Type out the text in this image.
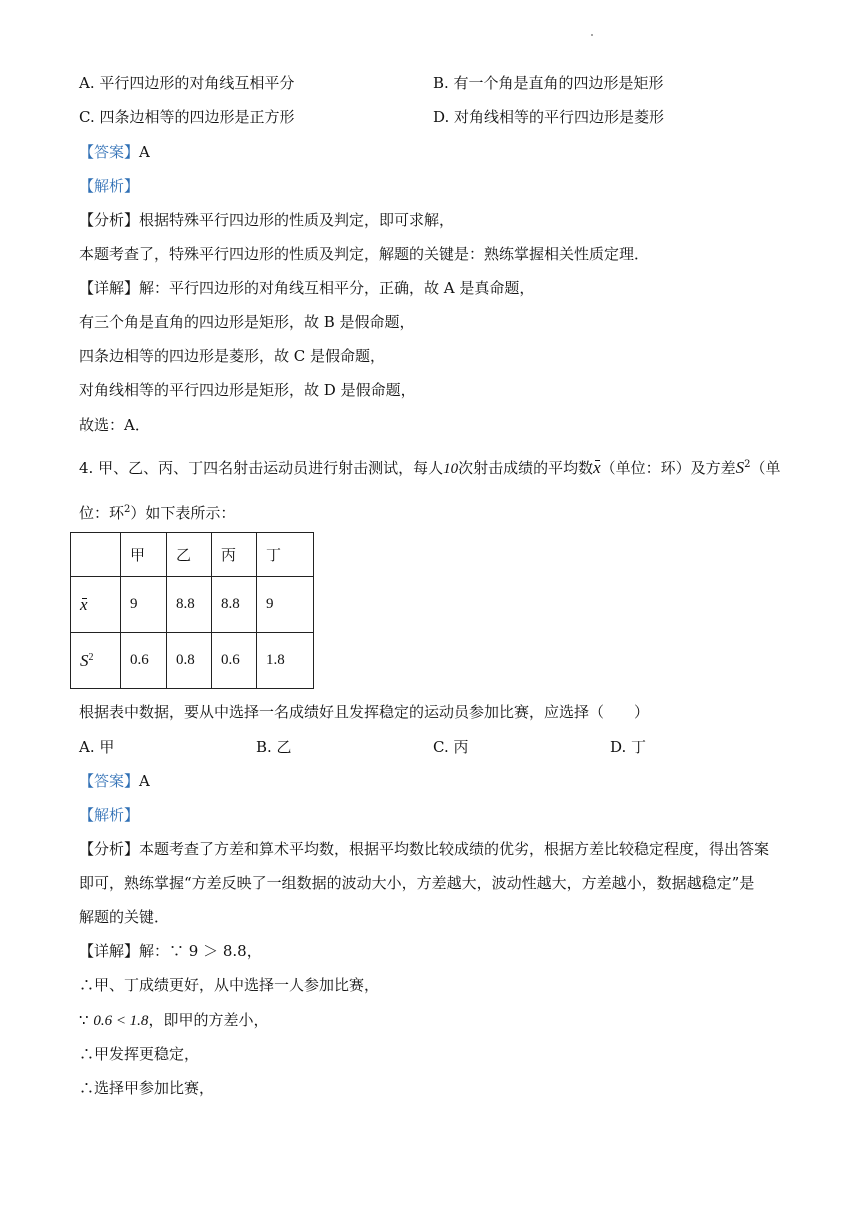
A. 平行四边形的对角线互相平分	B. 有一个角是直角的四边形是矩形
C. 四条边相等的四边形是正方形	D. 对角线相等的平行四边形是菱形
【答案】A
【解析】
【分析】根据特殊平行四边形的性质及判定，即可求解，
本题考查了，特殊平行四边形的性质及判定，解题的关键是：熟练掌握相关性质定理．
【详解】解：平行四边形的对角线互相平分，正确，故 A 是真命题，
有三个角是直角的四边形是矩形，故 B 是假命题，
四条边相等的四边形是菱形，故 C 是假命题，
对角线相等的平行四边形是矩形，故 D 是假命题，
故选：A．
4. 甲、乙、丙、丁四名射击运动员进行射击测试，每人10次射击成绩的平均数x（单位：环）及方差$S^2$（单
位：环$^2$）如下表所示：
	甲	乙	丙	丁
x	9	8.8	8.8	9
$S^2$	0.6	0.8	0.6	1.8
根据表中数据，要从中选择一名成绩好且发挥稳定的运动员参加比赛，应选择（　　）
A. 甲	B. 乙	C. 丙	D. 丁
【答案】A
【解析】
【分析】本题考查了方差和算术平均数，根据平均数比较成绩的优劣，根据方差比较稳定程度，得出答案
即可，熟练掌握“方差反映了一组数据的波动大小，方差越大，波动性越大，方差越小，数据越稳定”是
解题的关键．
【详解】解：∵ 9 ＞ 8.8，
∴甲、丁成绩更好，从中选择一人参加比赛，
∵ 0.6 < 1.8，即甲的方差小，
∴甲发挥更稳定，
∴选择甲参加比赛，
